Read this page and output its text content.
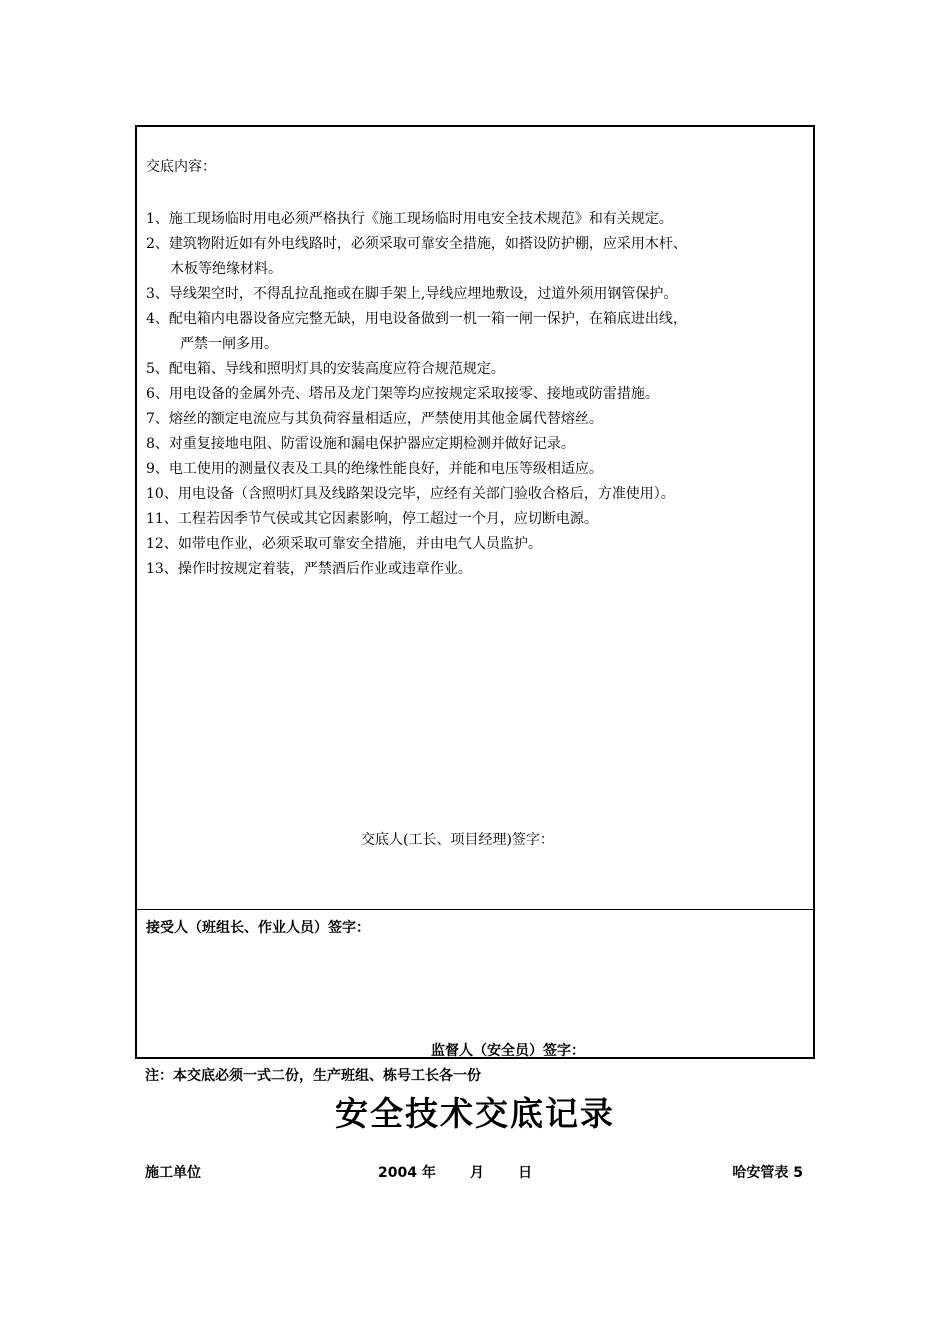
交底内容：
1、施工现场临时用电必须严格执行《施工现场临时用电安全技术规范》和有关规定。
2、建筑物附近如有外电线路时，必须采取可靠安全措施，如搭设防护棚，应采用木杆、
木板等绝缘材料。
3、导线架空时，不得乱拉乱拖或在脚手架上,导线应埋地敷设，过道外须用钢管保护。
4、配电箱内电器设备应完整无缺，用电设备做到一机一箱一闸一保护，在箱底进出线，
严禁一闸多用。
5、配电箱、导线和照明灯具的安装高度应符合规范规定。
6、用电设备的金属外壳、塔吊及龙门架等均应按规定采取接零、接地或防雷措施。
7、熔丝的额定电流应与其负荷容量相适应，严禁使用其他金属代替熔丝。
8、对重复接地电阻、防雷设施和漏电保护器应定期检测并做好记录。
9、电工使用的测量仪表及工具的绝缘性能良好，并能和电压等级相适应。
10、用电设备（含照明灯具及线路架设完毕，应经有关部门验收合格后，方准使用）。
11、工程若因季节气侯或其它因素影响，停工超过一个月，应切断电源。
12、如带电作业，必须采取可靠安全措施，并由电气人员监护。
13、操作时按规定着装，严禁酒后作业或违章作业。
交底人(工长、项目经理)签字：
接受人（班组长、作业人员）签字：
监督人（安全员）签字：
注：本交底必须一式二份，生产班组、栋号工长各一份
安全技术交底记录
施工单位	2004 年 月 日	哈安管表 5
